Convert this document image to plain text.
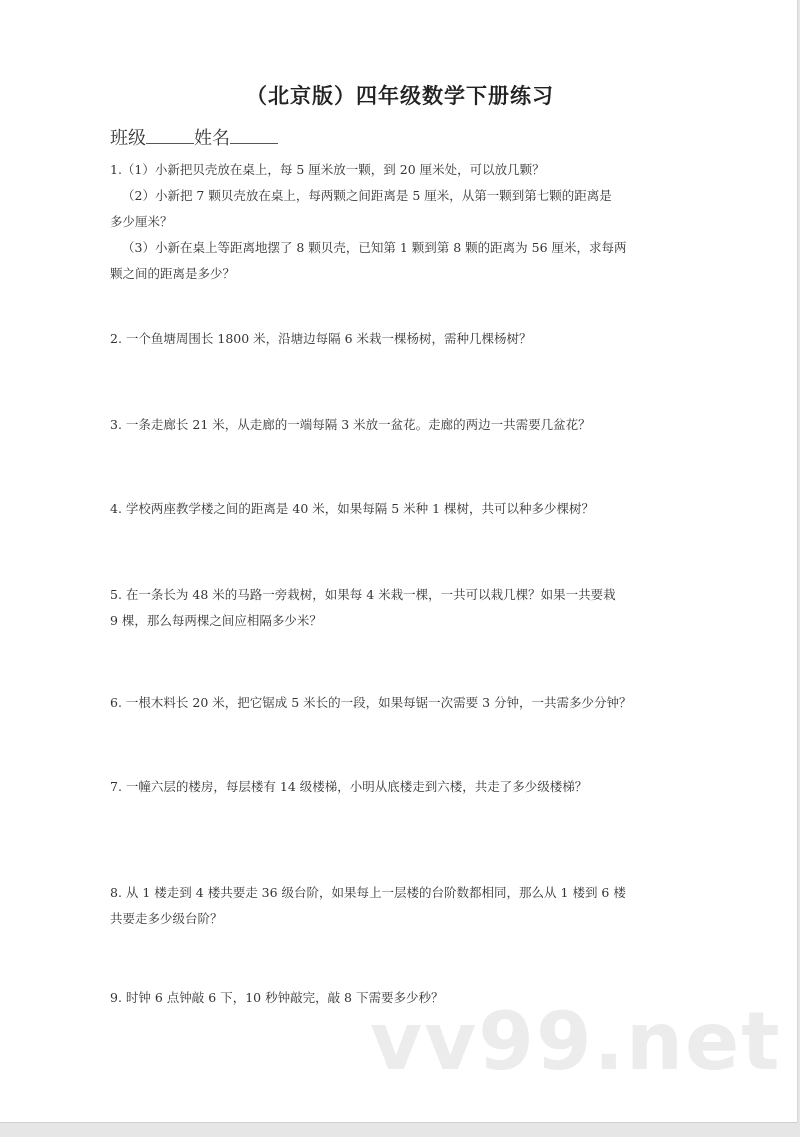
（北京版）四年级数学下册练习
班级	姓名
1.（1）小新把贝壳放在桌上，每 5 厘米放一颗，到 20 厘米处，可以放几颗？
（2）小新把 7 颗贝壳放在桌上，每两颗之间距离是 5 厘米，从第一颗到第七颗的距离是
多少厘米？
（3）小新在桌上等距离地摆了 8 颗贝壳，已知第 1 颗到第 8 颗的距离为 56 厘米，求每两
颗之间的距离是多少？
2. 一个鱼塘周围长 1800 米，沿塘边每隔 6 米栽一棵杨树，需种几棵杨树？
3. 一条走廊长 21 米，从走廊的一端每隔 3 米放一盆花。走廊的两边一共需要几盆花？
4. 学校两座教学楼之间的距离是 40 米，如果每隔 5 米种 1 棵树，共可以种多少棵树？
5. 在一条长为 48 米的马路一旁栽树，如果每 4 米栽一棵，一共可以栽几棵？如果一共要栽
9 棵，那么每两棵之间应相隔多少米？
6. 一根木料长 20 米，把它锯成 5 米长的一段，如果每锯一次需要 3 分钟，一共需多少分钟？
7. 一幢六层的楼房，每层楼有 14 级楼梯，小明从底楼走到六楼，共走了多少级楼梯？
8. 从 1 楼走到 4 楼共要走 36 级台阶，如果每上一层楼的台阶数都相同，那么从 1 楼到 6 楼
共要走多少级台阶？
9. 时钟 6 点钟敲 6 下，10 秒钟敲完，敲 8 下需要多少秒？
vv99.net
